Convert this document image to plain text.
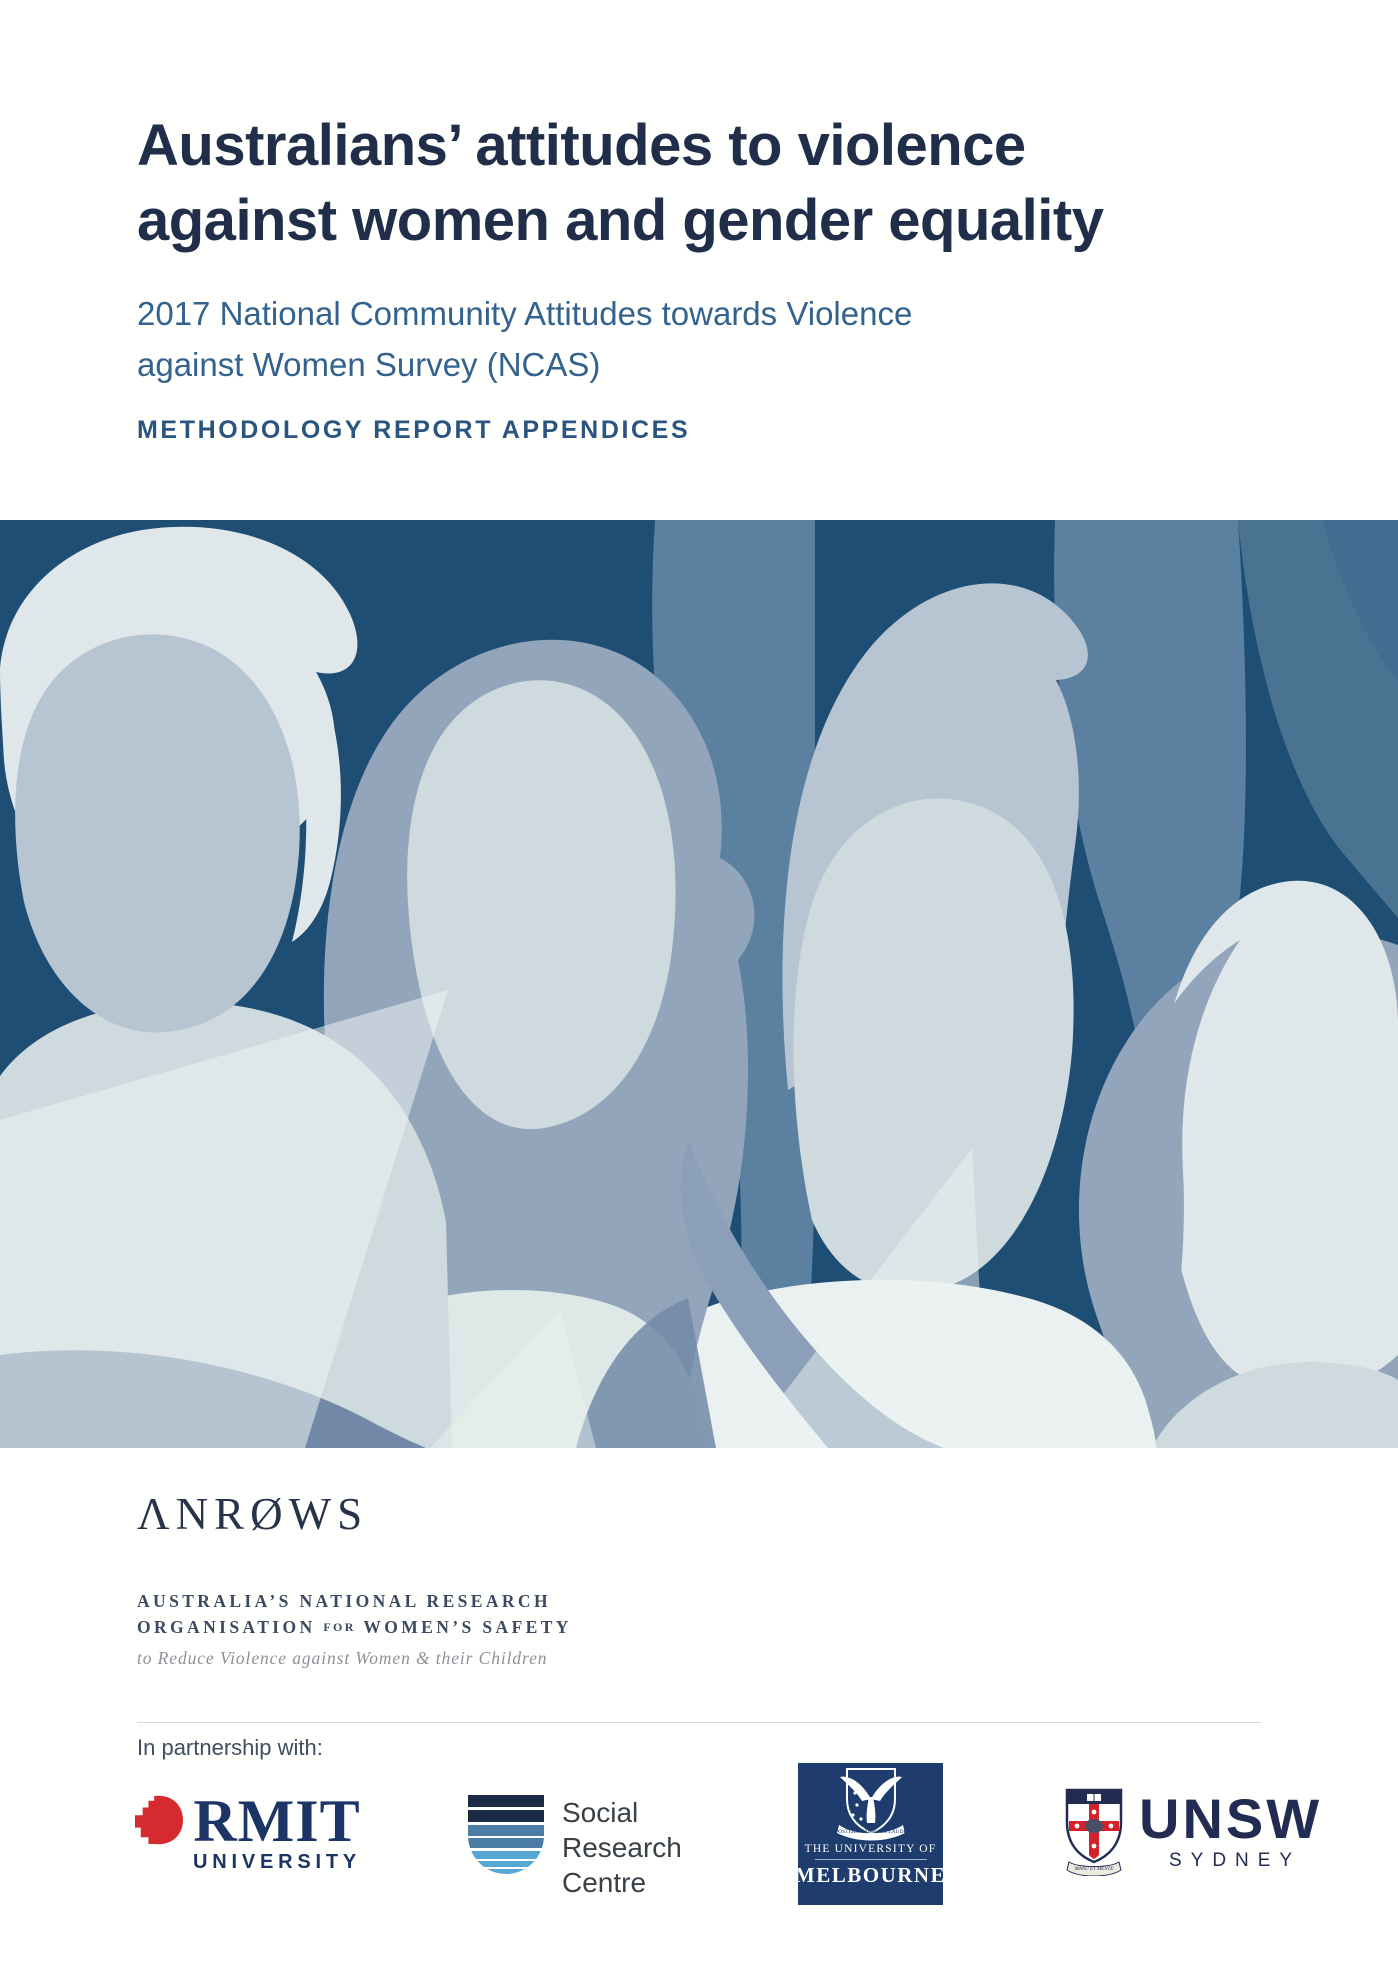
Australians’ attitudes to violence
against women and gender equality

2017 National Community Attitudes towards Violence
against Women Survey (NCAS)

METHODOLOGY REPORT APPENDICES

ΛNRØWS
AUSTRALIA’S NATIONAL RESEARCH
ORGANISATION FOR WOMEN’S SAFETY
to Reduce Violence against Women & their Children

In partnership with:

RMIT
UNIVERSITY
Social
Research
Centre
POSTERA CRESCAM LAUDE
THE UNIVERSITY OF
MELBOURNE	MANU ET MENTE
UNSW
SYDNEY
